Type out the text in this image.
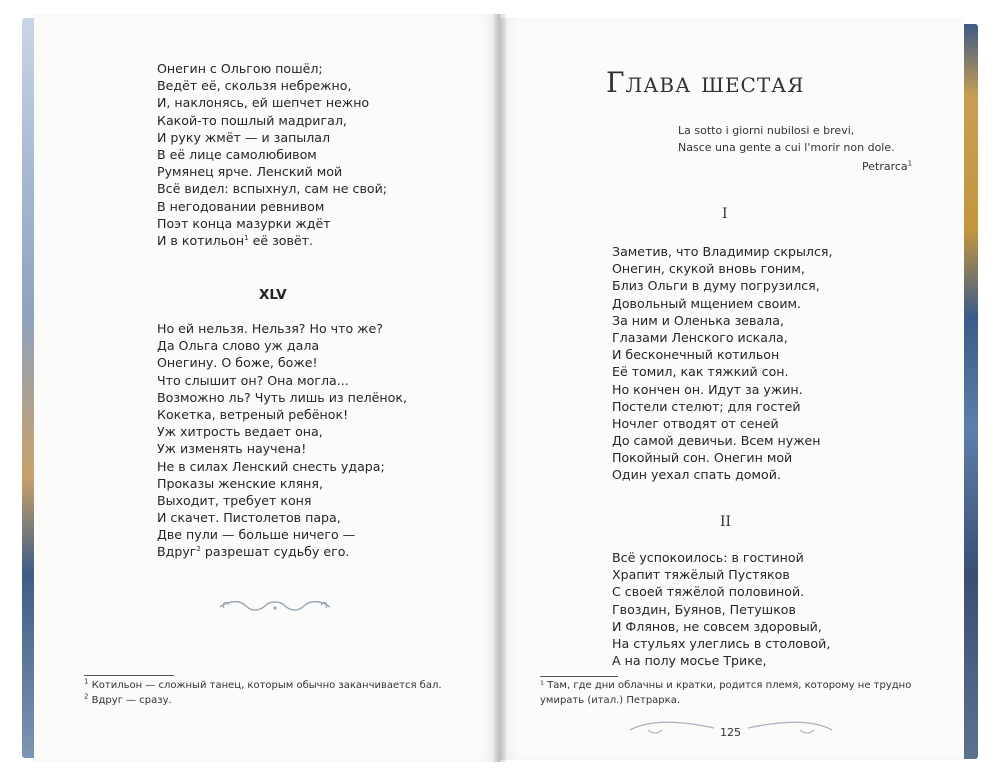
Онегин с Ольгою пошёл;
Ведёт её, скользя небрежно,
И, наклонясь, ей шепчет нежно
Какой-то пошлый мадригал,
И руку жмёт — и запылал
В её лице самолюбивом
Румянец ярче. Ленский мой
Всё видел: вспыхнул, сам не свой;
В негодовании ревнивом
Поэт конца мазурки ждёт
И в котильон$^1$ её зовёт.
XLV
Но ей нельзя. Нельзя? Но что же?
Да Ольга слово уж дала
Онегину. О боже, боже!
Что слышит он? Она могла...
Возможно ль? Чуть лишь из пелёнок,
Кокетка, ветреный ребёнок!
Уж хитрость ведает она,
Уж изменять научена!
Не в силах Ленский снесть удара;
Проказы женские кляня,
Выходит, требует коня
И скачет. Пистолетов пара,
Две пули — больше ничего —
Вдруг$^2$ разрешат судьбу его.
$^1$ Котильон — сложный танец, которым обычно заканчивается бал.
$^2$ Вдруг — сразу.
Глава шестая
La sotto i giorni nubilosi e brevi,
Nasce una gente a cui l'morir non dole.
Petrarca$^1$
I
Заметив, что Владимир скрылся,
Онегин, скукой вновь гоним,
Близ Ольги в думу погрузился,
Довольный мщением своим.
За ним и Оленька зевала,
Глазами Ленского искала,
И бесконечный котильон
Её томил, как тяжкий сон.
Но кончен он. Идут за ужин.
Постели стелют; для гостей
Ночлег отводят от сеней
До самой девичьи. Всем нужен
Покойный сон. Онегин мой
Один уехал спать домой.
II
Всё успокоилось: в гостиной
Храпит тяжёлый Пустяков
С своей тяжёлой половиной.
Гвоздин, Буянов, Петушков
И Флянов, не совсем здоровый,
На стульях улеглись в столовой,
А на полу мосье Трике,
¹ Там, где дни облачны и кратки, родится племя, которому не трудно
умирать (итал.) Петрарка.
125
